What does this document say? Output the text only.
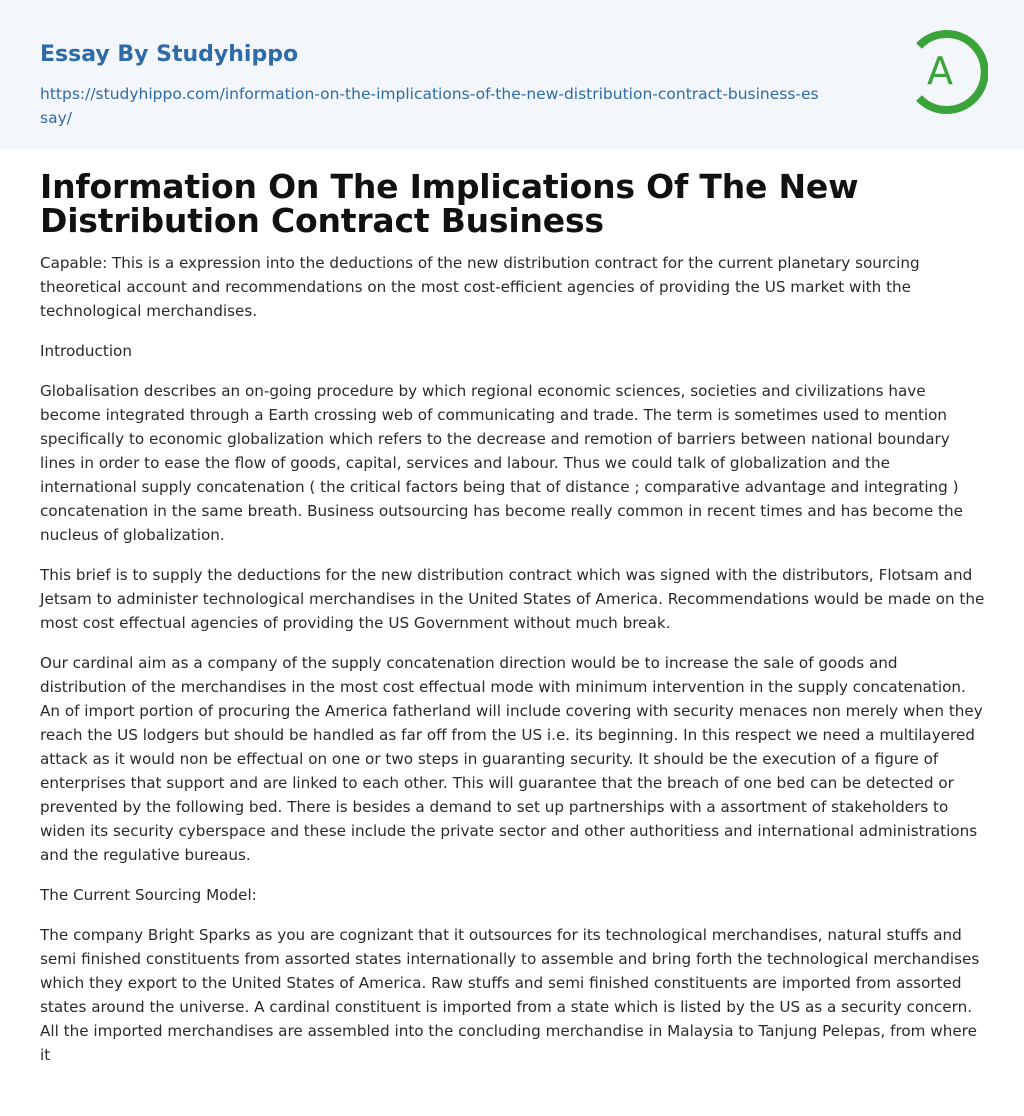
Essay By Studyhippo
https://studyhippo.com/information-on-the-implications-of-the-new-distribution-contract-business-essay/
A
Information On The Implications Of The New Distribution Contract Business

Capable: This is a expression into the deductions of the new distribution contract for the current planetary sourcing theoretical account and recommendations on the most cost-efficient agencies of providing the US market with the technological merchandises.

Introduction

Globalisation describes an on-going procedure by which regional economic sciences, societies and civilizations have become integrated through a Earth crossing web of communicating and trade. The term is sometimes used to mention specifically to economic globalization which refers to the decrease and remotion of barriers between national boundary lines in order to ease the flow of goods, capital, services and labour. Thus we could talk of globalization and the international supply concatenation ( the critical factors being that of distance ; comparative advantage and integrating ) concatenation in the same breath. Business outsourcing has become really common in recent times and has become the nucleus of globalization.

This brief is to supply the deductions for the new distribution contract which was signed with the distributors, Flotsam and Jetsam to administer technological merchandises in the United States of America. Recommendations would be made on the most cost effectual agencies of providing the US Government without much break.

Our cardinal aim as a company of the supply concatenation direction would be to increase the sale of goods and distribution of the merchandises in the most cost effectual mode with minimum intervention in the supply concatenation. An of import portion of procuring the America fatherland will include covering with security menaces non merely when they reach the US lodgers but should be handled as far off from the US i.e. its beginning. In this respect we need a multilayered attack as it would non be effectual on one or two steps in guaranting security. It should be the execution of a figure of enterprises that support and are linked to each other. This will guarantee that the breach of one bed can be detected or prevented by the following bed. There is besides a demand to set up partnerships with a assortment of stakeholders to widen its security cyberspace and these include the private sector and other authoritiess and international administrations and the regulative bureaus.

The Current Sourcing Model:

The company Bright Sparks as you are cognizant that it outsources for its technological merchandises, natural stuffs and semi finished constituents from assorted states internationally to assemble and bring forth the technological merchandises which they export to the United States of America. Raw stuffs and semi finished constituents are imported from assorted states around the universe. A cardinal constituent is imported from a state which is listed by the US as a security concern. All the imported merchandises are assembled into the concluding merchandise in Malaysia to Tanjung Pelepas, from where it
